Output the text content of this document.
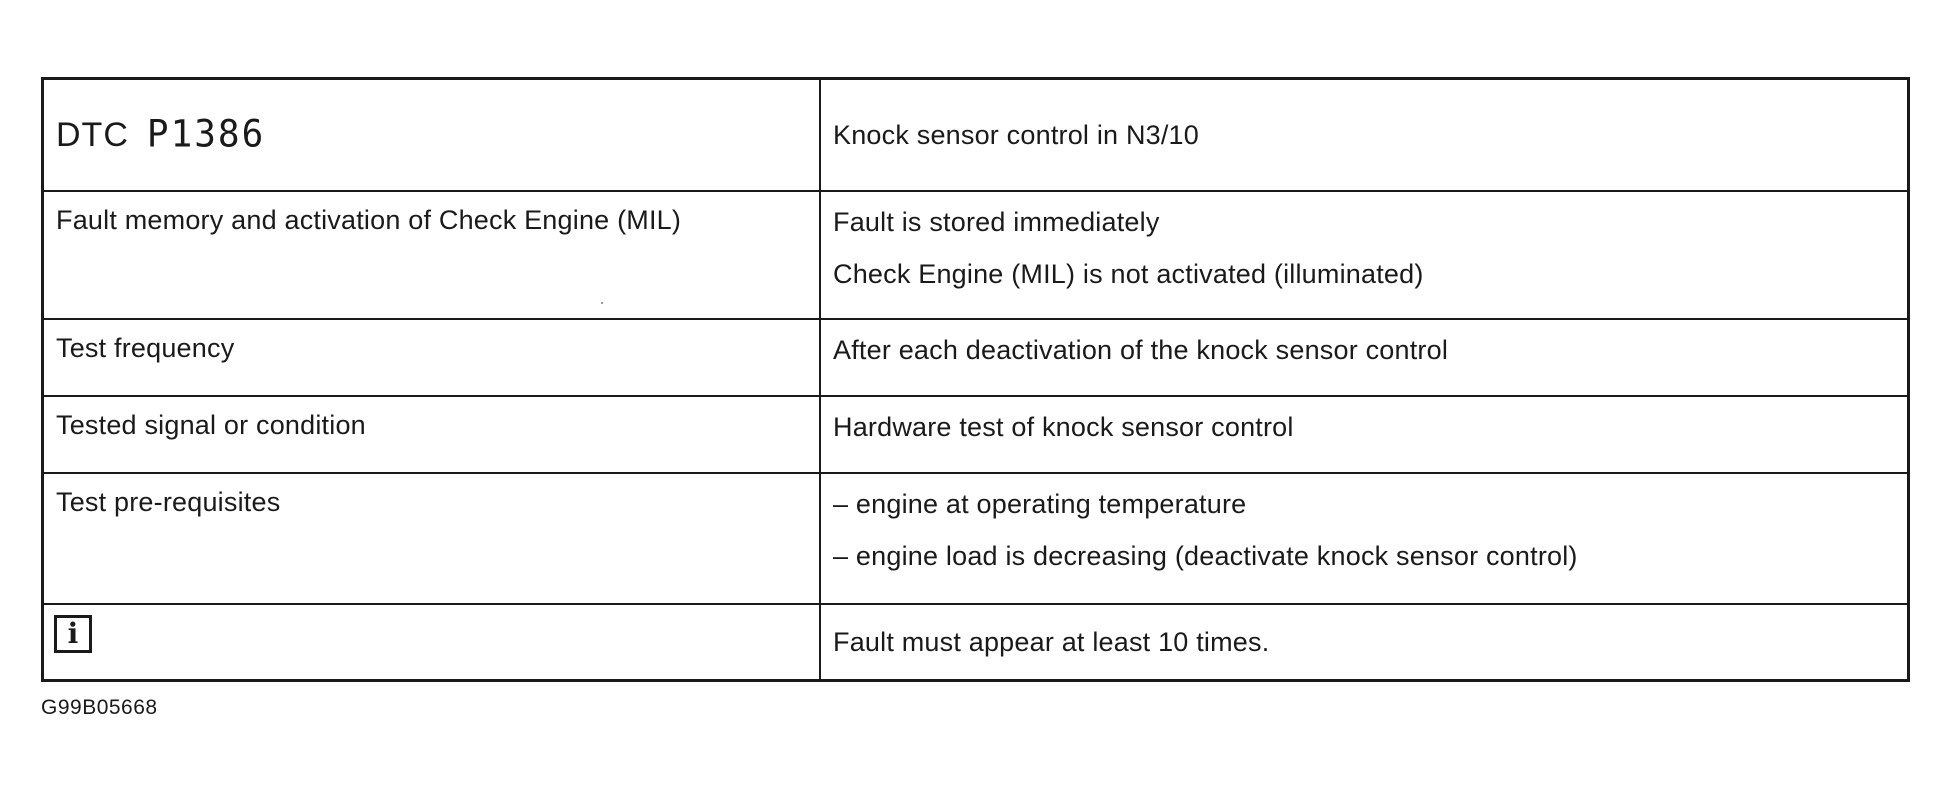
DTC P1386	Knock sensor control in N3/10
Fault memory and activation of Check Engine (MIL)	Fault is stored immediately
Check Engine (MIL) is not activated (illuminated)
Test frequency	After each deactivation of the knock sensor control
Tested signal or condition	Hardware test of knock sensor control
Test pre-requisites	– engine at operating temperature
– engine load is decreasing (deactivate knock sensor control)
i	Fault must appear at least 10 times.
G99B05668
